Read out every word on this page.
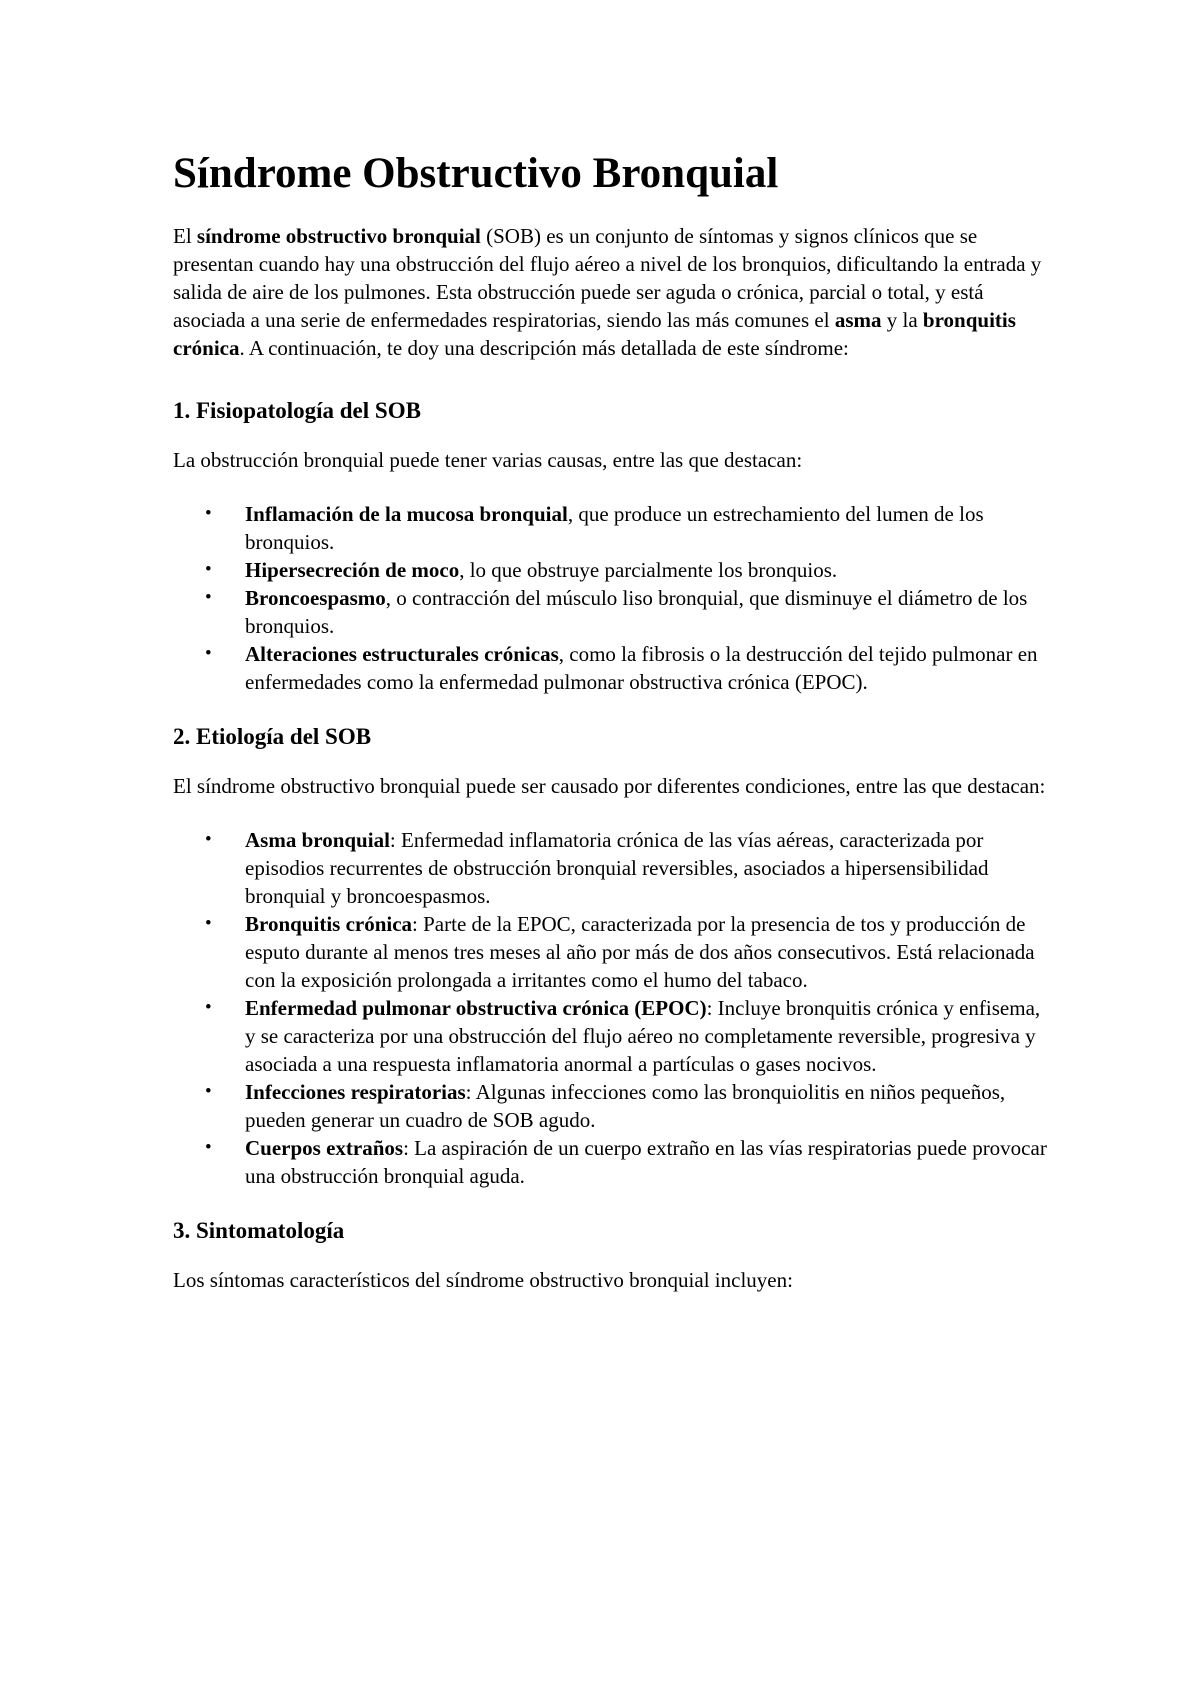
Síndrome Obstructivo Bronquial

El síndrome obstructivo bronquial (SOB) es un conjunto de síntomas y signos clínicos que se presentan cuando hay una obstrucción del flujo aéreo a nivel de los bronquios, dificultando la entrada y salida de aire de los pulmones. Esta obstrucción puede ser aguda o crónica, parcial o total, y está asociada a una serie de enfermedades respiratorias, siendo las más comunes el asma y la bronquitis crónica. A continuación, te doy una descripción más detallada de este síndrome:

1. Fisiopatología del SOB

La obstrucción bronquial puede tener varias causas, entre las que destacan:

• Inflamación de la mucosa bronquial, que produce un estrechamiento del lumen de los bronquios.
• Hipersecreción de moco, lo que obstruye parcialmente los bronquios.
• Broncoespasmo, o contracción del músculo liso bronquial, que disminuye el diámetro de los bronquios.
• Alteraciones estructurales crónicas, como la fibrosis o la destrucción del tejido pulmonar en enfermedades como la enfermedad pulmonar obstructiva crónica (EPOC).
2. Etiología del SOB

El síndrome obstructivo bronquial puede ser causado por diferentes condiciones, entre las que destacan:

• Asma bronquial: Enfermedad inflamatoria crónica de las vías aéreas, caracterizada por episodios recurrentes de obstrucción bronquial reversibles, asociados a hipersensibilidad bronquial y broncoespasmos.
• Bronquitis crónica: Parte de la EPOC, caracterizada por la presencia de tos y producción de esputo durante al menos tres meses al año por más de dos años consecutivos. Está relacionada con la exposición prolongada a irritantes como el humo del tabaco.
• Enfermedad pulmonar obstructiva crónica (EPOC): Incluye bronquitis crónica y enfisema, y se caracteriza por una obstrucción del flujo aéreo no completamente reversible, progresiva y asociada a una respuesta inflamatoria anormal a partículas o gases nocivos.
• Infecciones respiratorias: Algunas infecciones como las bronquiolitis en niños pequeños, pueden generar un cuadro de SOB agudo.
• Cuerpos extraños: La aspiración de un cuerpo extraño en las vías respiratorias puede provocar una obstrucción bronquial aguda.
3. Sintomatología

Los síntomas característicos del síndrome obstructivo bronquial incluyen:
